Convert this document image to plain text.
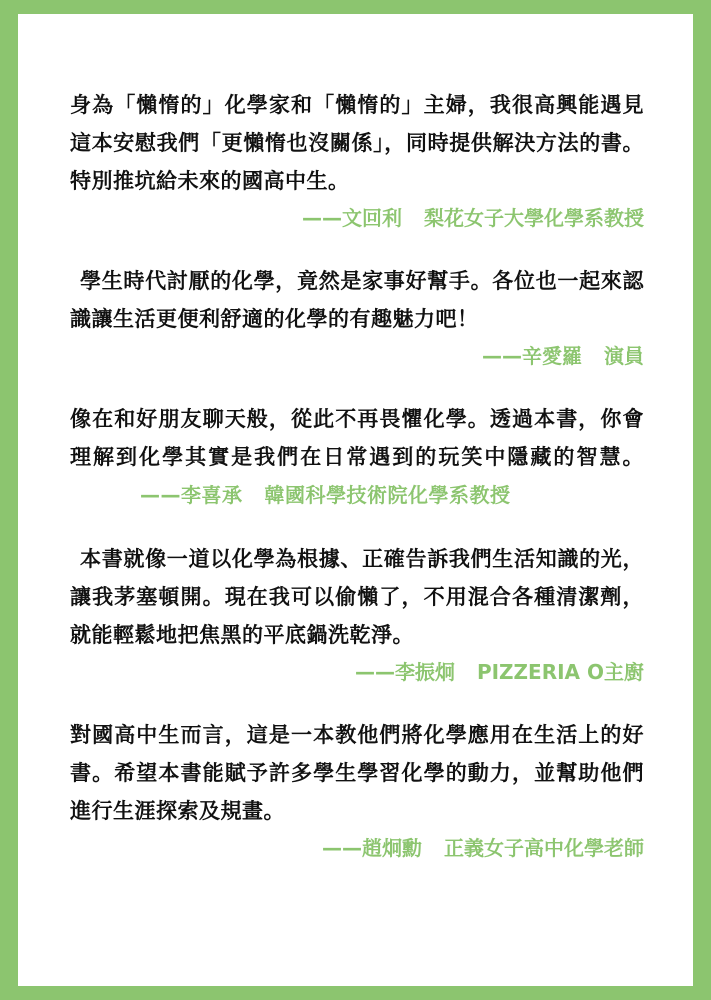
身為「懶惰的」化學家和「懶惰的」主婦，我很高興能遇見這本安慰我們「更懶惰也沒關係」，同時提供解決方法的書。特別推坑給未來的國高中生。

——文回利 梨花女子大學化學系教授

學生時代討厭的化學，竟然是家事好幫手。各位也一起來認識讓生活更便利舒適的化學的有趣魅力吧！

——辛愛羅 演員

像在和好朋友聊天般，從此不再畏懼化學。透過本書，你會理解到化學其實是我們在日常遇到的玩笑中隱藏的智慧。——李喜承 韓國科學技術院化學系教授

本書就像一道以化學為根據、正確告訴我們生活知識的光，讓我茅塞頓開。現在我可以偷懶了，不用混合各種清潔劑，就能輕鬆地把焦黑的平底鍋洗乾淨。

——李振炯 PIZZERIA O主廚

對國高中生而言，這是一本教他們將化學應用在生活上的好書。希望本書能賦予許多學生學習化學的動力，並幫助他們進行生涯探索及規畫。

——趙炯勳 正義女子高中化學老師
